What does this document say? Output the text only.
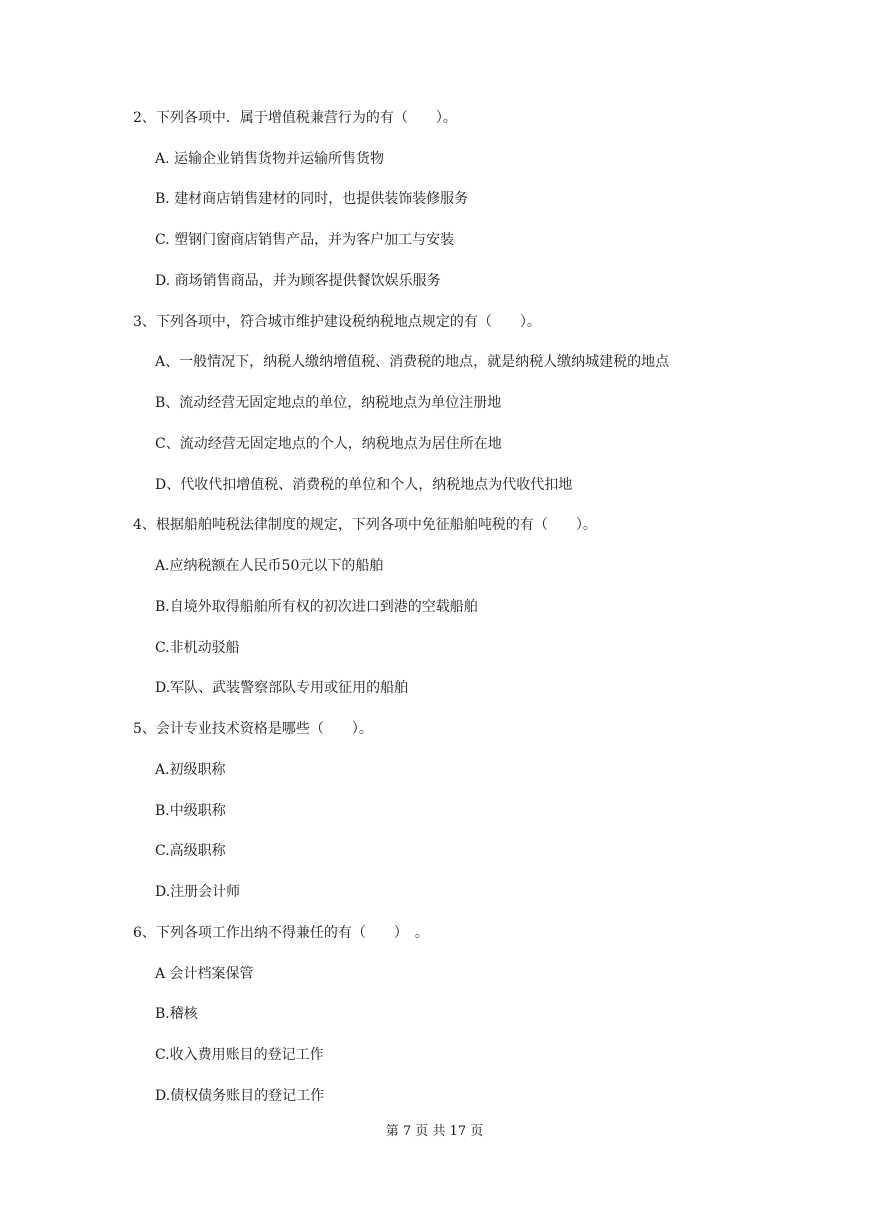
2、下列各项中．属于增值税兼营行为的有（　　）。
A. 运输企业销售货物并运输所售货物
B. 建材商店销售建材的同时，也提供装饰装修服务
C. 塑钢门窗商店销售产品，并为客户加工与安装
D. 商场销售商品，并为顾客提供餐饮娱乐服务
3、下列各项中，符合城市维护建设税纳税地点规定的有（　　）。
A、一般情况下，纳税人缴纳增值税、消费税的地点，就是纳税人缴纳城建税的地点
B、流动经营无固定地点的单位，纳税地点为单位注册地
C、流动经营无固定地点的个人，纳税地点为居住所在地
D、代收代扣增值税、消费税的单位和个人，纳税地点为代收代扣地
4、根据船舶吨税法律制度的规定，下列各项中免征船舶吨税的有（　　）。
A.应纳税额在人民币50元以下的船舶
B.自境外取得船舶所有权的初次进口到港的空载船舶
C.非机动驳船
D.军队、武装警察部队专用或征用的船舶
5、会计专业技术资格是哪些（　　）。
A.初级职称
B.中级职称
C.高级职称
D.注册会计师
6、下列各项工作出纳不得兼任的有（　　）　。
A 会计档案保管
B.稽核
C.收入费用账目的登记工作
D.债权债务账目的登记工作
第 7 页 共 17 页
